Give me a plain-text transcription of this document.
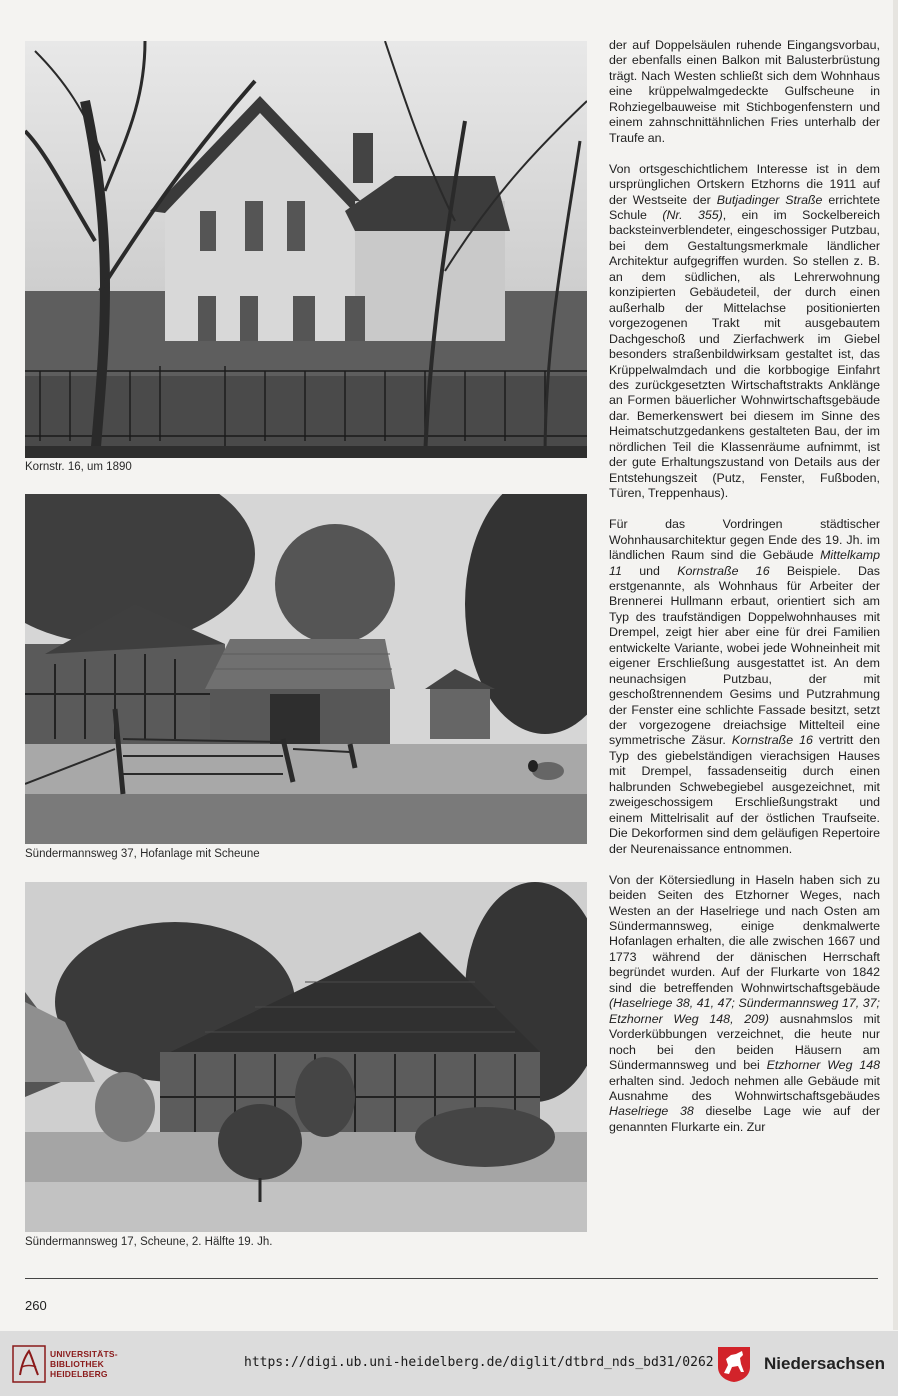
Kornstr. 16, um 1890
Sündermannsweg 37, Hofanlage mit Scheune
Sündermannsweg 17, Scheune, 2. Hälfte 19. Jh.

der auf Doppelsäulen ruhende Eingangsvorbau, der ebenfalls einen Balkon mit Balusterbrüstung trägt. Nach Westen schließt sich dem Wohnhaus eine krüppelwalmgedeckte Gulfscheune in Rohziegelbauweise mit Stichbogenfenstern und einem zahnschnittähnlichen Fries unterhalb der Traufe an.

Von ortsgeschichtlichem Interesse ist in dem ursprünglichen Ortskern Etzhorns die 1911 auf der Westseite der Butjadinger Straße errichtete Schule (Nr. 355), ein im Sockelbereich backsteinverblendeter, eingeschossiger Putzbau, bei dem Gestaltungsmerkmale ländlicher Architektur aufgegriffen wurden. So stellen z. B. an dem südlichen, als Lehrerwohnung konzipierten Gebäudeteil, der durch einen außerhalb der Mittelachse positionierten vorgezogenen Trakt mit ausgebautem Dachgeschoß und Zierfachwerk im Giebel besonders straßenbildwirksam gestaltet ist, das Krüppelwalmdach und die korbbogige Einfahrt des zurückgesetzten Wirtschaftstrakts Anklänge an Formen bäuerlicher Wohnwirtschaftsgebäude dar. Bemerkenswert bei diesem im Sinne des Heimatschutzgedankens gestalteten Bau, der im nördlichen Teil die Klassenräume aufnimmt, ist der gute Erhaltungszustand von Details aus der Entstehungszeit (Putz, Fenster, Fußboden, Türen, Treppenhaus).

Für das Vordringen städtischer Wohnhausarchitektur gegen Ende des 19. Jh. im ländlichen Raum sind die Gebäude Mittelkamp 11 und Kornstraße 16 Beispiele. Das erstgenannte, als Wohnhaus für Arbeiter der Brennerei Hullmann erbaut, orientiert sich am Typ des traufständigen Doppelwohnhauses mit Drempel, zeigt hier aber eine für drei Familien entwickelte Variante, wobei jede Wohneinheit mit eigener Erschließung ausgestattet ist. An dem neunachsigen Putzbau, der mit geschoßtrennendem Gesims und Putzrahmung der Fenster eine schlichte Fassade besitzt, setzt der vorgezogene dreiachsige Mittelteil eine symmetrische Zäsur. Kornstraße 16 vertritt den Typ des giebelständigen vierachsigen Hauses mit Drempel, fassadenseitig durch einen halbrunden Schwebegiebel ausgezeichnet, mit zweigeschossigem Erschließungstrakt und einem Mittelrisalit auf der östlichen Traufseite. Die Dekorformen sind dem geläufigen Repertoire der Neurenaissance entnommen.

Von der Kötersiedlung in Haseln haben sich zu beiden Seiten des Etzhorner Weges, nach Westen an der Haselriege und nach Osten am Sündermannsweg, einige denkmalwerte Hofanlagen erhalten, die alle zwischen 1667 und 1773 während der dänischen Herrschaft begründet wurden. Auf der Flurkarte von 1842 sind die betreffenden Wohnwirtschaftsgebäude (Haselriege 38, 41, 47; Sündermannsweg 17, 37; Etzhorner Weg 148, 209) ausnahmslos mit Vorderkübbungen verzeichnet, die heute nur noch bei den beiden Häusern am Sündermannsweg und bei Etzhorner Weg 148 erhalten sind. Jedoch nehmen alle Gebäude mit Ausnahme des Wohnwirtschaftsgebäudes Haselriege 38 dieselbe Lage wie auf der genannten Flurkarte ein. Zur

260
UNIVERSITÄTS-
BIBLIOTHEK
HEIDELBERG
https://digi.ub.uni-heidelberg.de/diglit/dtbrd_nds_bd31/0262	Niedersachsen
